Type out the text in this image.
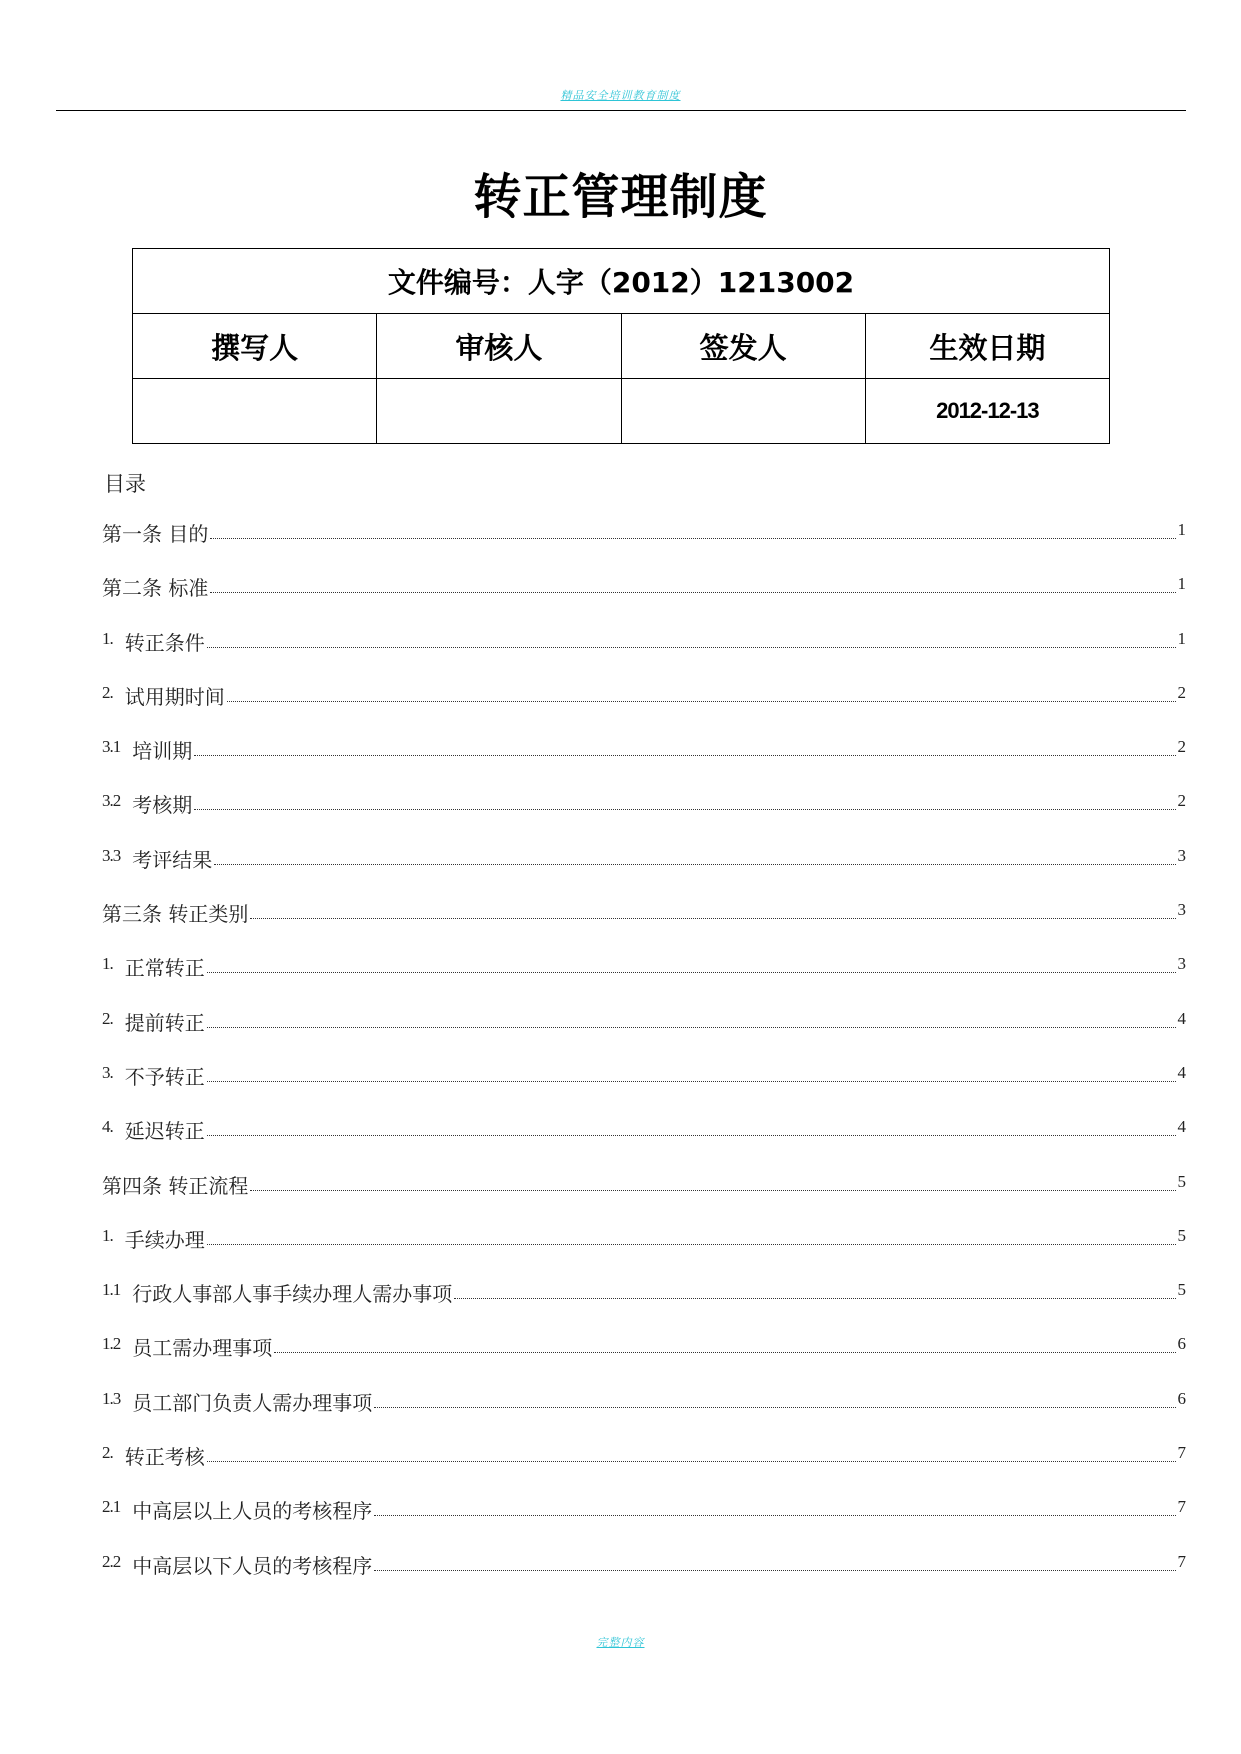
精品安全培训教育制度
转正管理制度
文件编号：人字（2012）1213002			
撰写人	审核人	签发人	生效日期
			2012-12-13
目录
第一条 目的	1
第二条 标准	1
1. 转正条件	1
2. 试用期时间	2
3.1 培训期	2
3.2 考核期	2
3.3 考评结果	3
第三条 转正类别	3
1. 正常转正	3
2. 提前转正	4
3. 不予转正	4
4. 延迟转正	4
第四条 转正流程	5
1. 手续办理	5
1.1 行政人事部人事手续办理人需办事项	5
1.2 员工需办理事项	6
1.3 员工部门负责人需办理事项	6
2. 转正考核	7
2.1 中高层以上人员的考核程序	7
2.2 中高层以下人员的考核程序	7
完整内容
